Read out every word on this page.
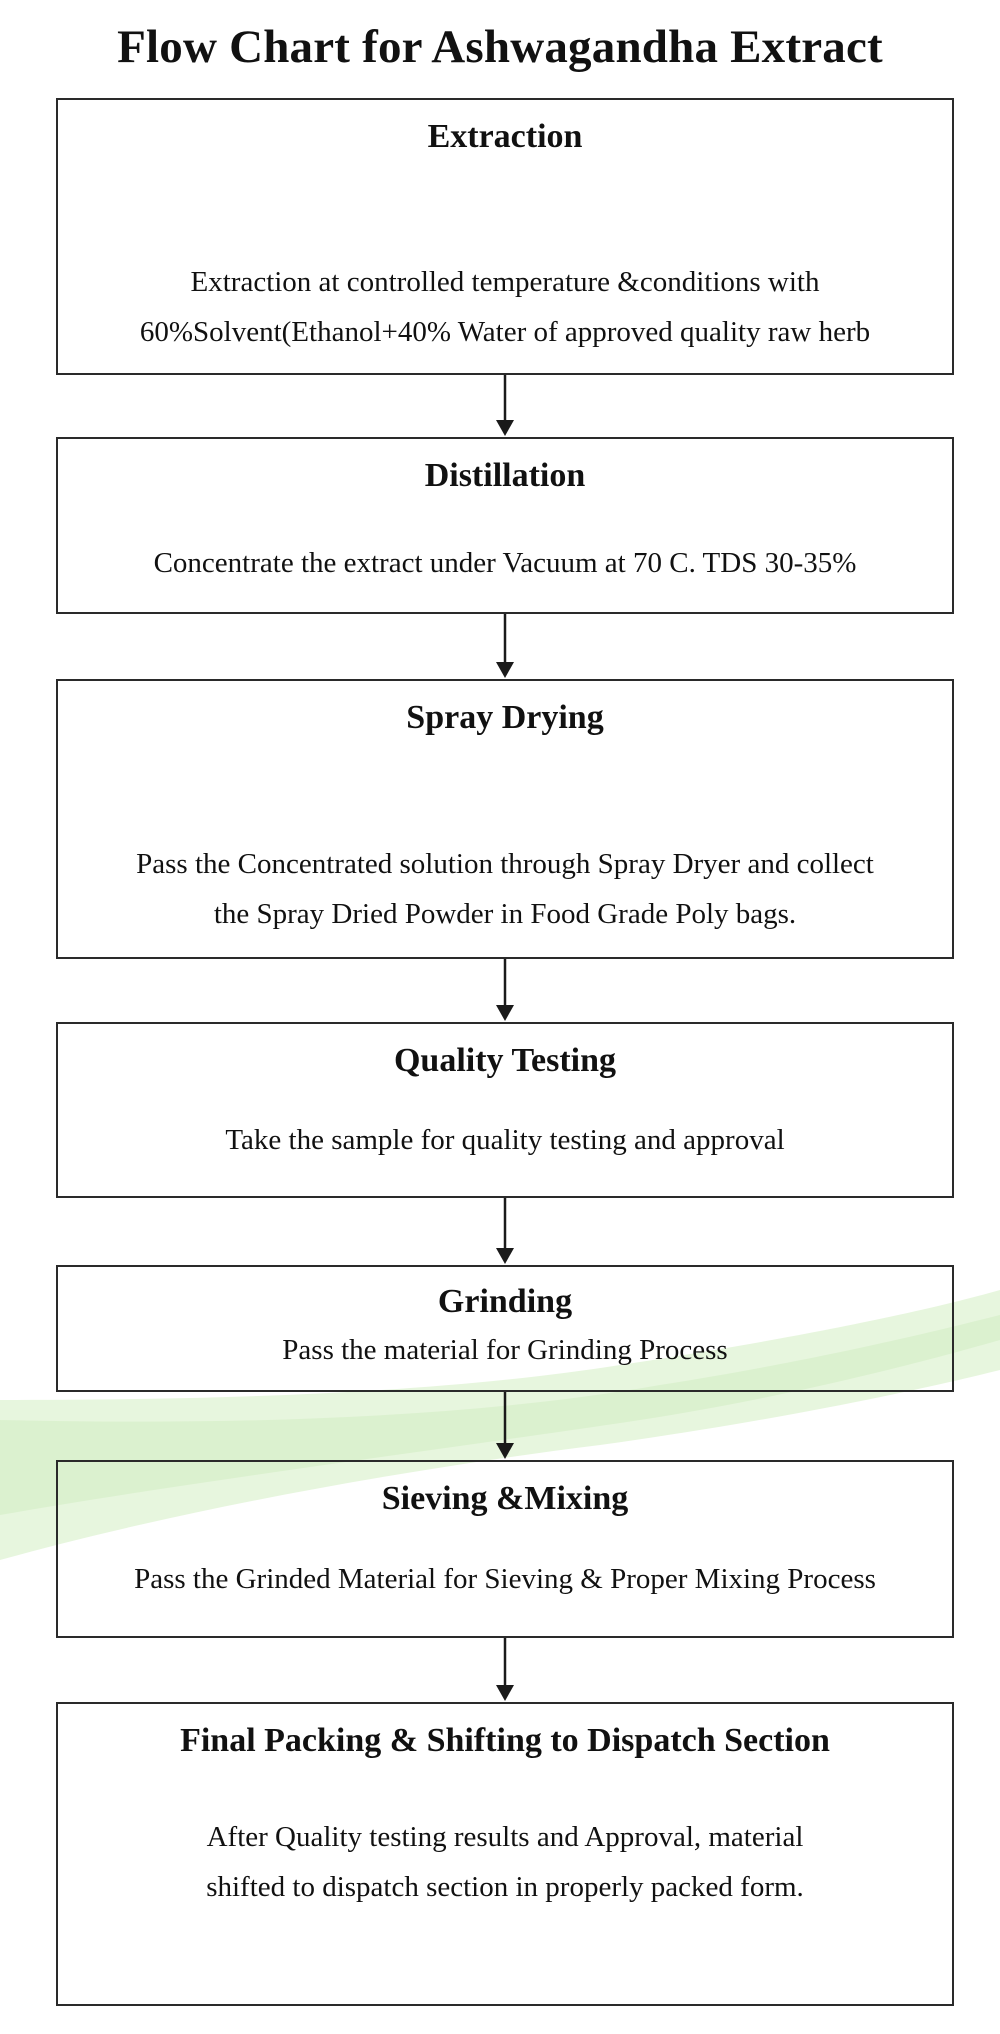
Flow Chart for Ashwagandha Extract
Extraction
Extraction at controlled temperature &conditions with
60%Solvent(Ethanol+40% Water of approved quality raw herb
Distillation
Concentrate the extract under Vacuum at 70 C. TDS 30-35%
Spray Drying
Pass the Concentrated solution through Spray Dryer and collect
the Spray Dried Powder in Food Grade Poly bags.
Quality Testing
Take the sample for quality testing and approval
Grinding
Pass the material for Grinding Process
Sieving &Mixing
Pass the Grinded Material for Sieving & Proper Mixing Process
Final Packing & Shifting to Dispatch Section
After Quality testing results and Approval, material
shifted to dispatch section in properly packed form.
